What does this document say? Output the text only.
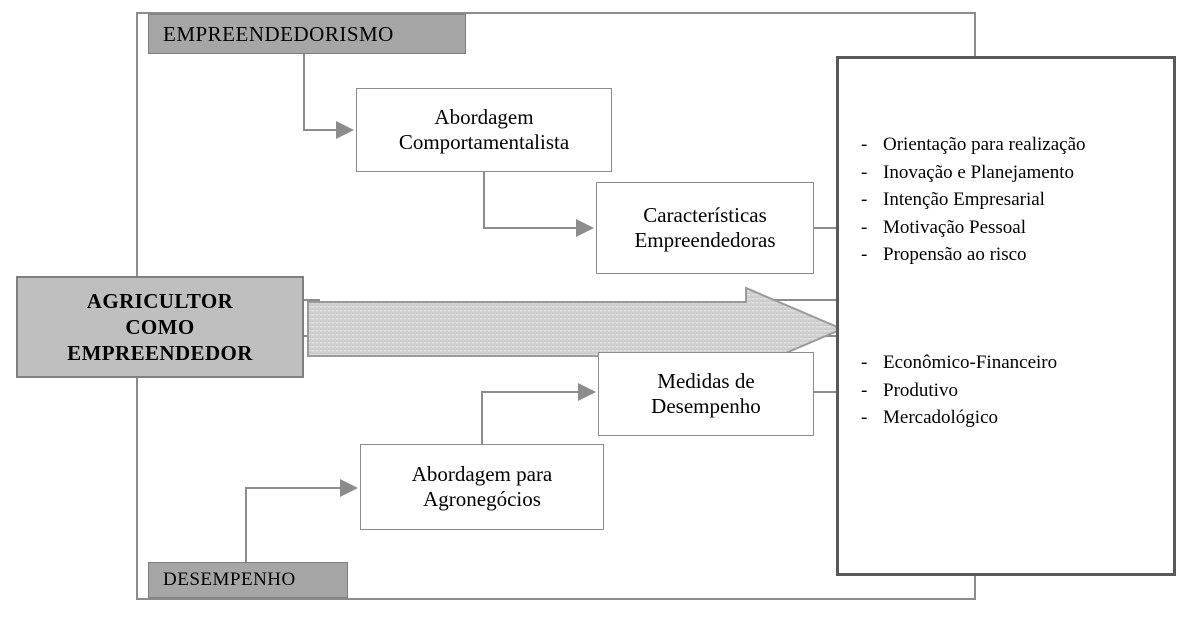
EMPREENDEDORISMO
DESEMPENHO
AGRICULTOR
COMO
EMPREENDEDOR
Abordagem
Comportamentalista
Características
Empreendedoras
Medidas de
Desempenho
Abordagem para
Agronegócios
- Orientação para realização
- Inovação e Planejamento
- Intenção Empresarial
- Motivação Pessoal
- Propensão ao risco
- Econômico-Financeiro
- Produtivo
- Mercadológico
